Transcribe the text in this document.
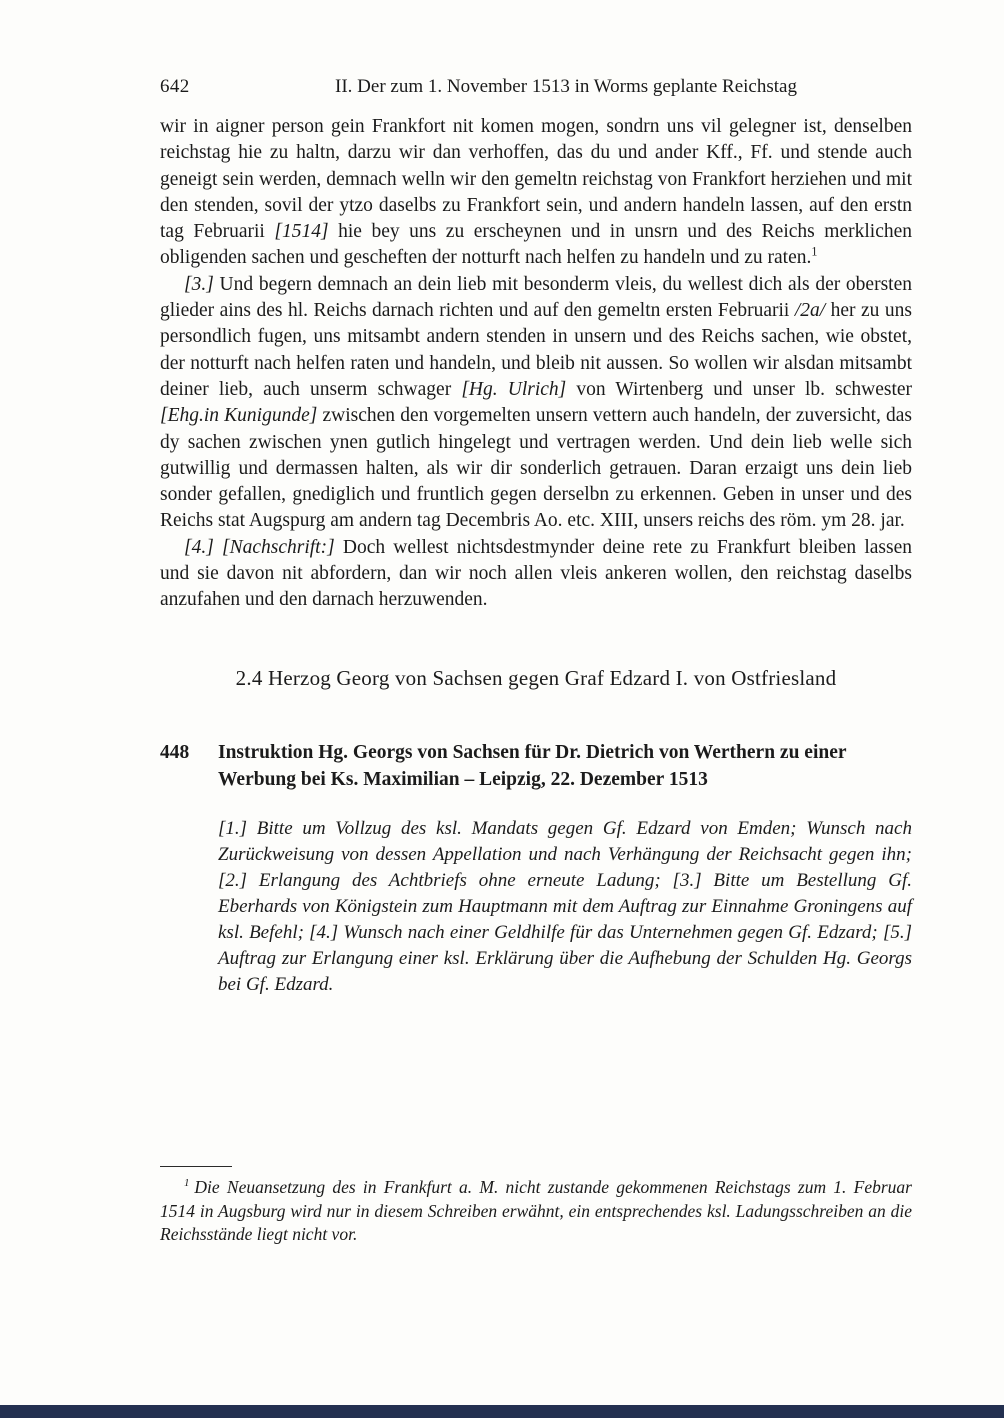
642	II. Der zum 1. November 1513 in Worms geplante Reichstag

wir in aigner person gein Frankfort nit komen mogen, sondrn uns vil gelegner ist, denselben reichstag hie zu haltn, darzu wir dan verhoffen, das du und ander Kff., Ff. und stende auch geneigt sein werden, demnach welln wir den gemeltn reichstag von Frankfort herziehen und mit den stenden, sovil der ytzo daselbs zu Frankfort sein, und andern handeln lassen, auf den erstn tag Februarii [1514] hie bey uns zu erscheynen und in unsrn und des Reichs merklichen obligenden sachen und gescheften der notturft nach helfen zu handeln und zu raten.$^1$

[3.] Und begern demnach an dein lieb mit besonderm vleis, du wellest dich als der obersten glieder ains des hl. Reichs darnach richten und auf den gemeltn ersten Februarii /2a/ her zu uns persondlich fugen, uns mitsambt andern stenden in unsern und des Reichs sachen, wie obstet, der notturft nach helfen raten und handeln, und bleib nit aussen. So wollen wir alsdan mitsambt deiner lieb, auch unserm schwager [Hg. Ulrich] von Wirtenberg und unser lb. schwester [Ehg.in Kunigunde] zwischen den vorgemelten unsern vettern auch handeln, der zuversicht, das dy sachen zwischen ynen gutlich hingelegt und vertragen werden. Und dein lieb welle sich gutwillig und dermassen halten, als wir dir sonderlich getrauen. Daran erzaigt uns dein lieb sonder gefallen, gnediglich und fruntlich gegen derselbn zu erkennen. Geben in unser und des Reichs stat Augspurg am andern tag Decembris Ao. etc. XIII, unsers reichs des röm. ym 28. jar.

[4.] [Nachschrift:] Doch wellest nichtsdestmynder deine rete zu Frankfurt bleiben lassen und sie davon nit abfordern, dan wir noch allen vleis ankeren wollen, den reichstag daselbs anzufahen und den darnach herzuwenden.

2.4 Herzog Georg von Sachsen gegen Graf Edzard I. von Ostfriesland
448	Instruktion Hg. Georgs von Sachsen für Dr. Dietrich von Werthern zu einer Werbung bei Ks. Maximilian – Leipzig, 22. Dezember 1513

[1.] Bitte um Vollzug des ksl. Mandats gegen Gf. Edzard von Emden; Wunsch nach Zurückweisung von dessen Appellation und nach Verhängung der Reichsacht gegen ihn; [2.] Erlangung des Achtbriefs ohne erneute Ladung; [3.] Bitte um Bestellung Gf. Eberhards von Königstein zum Hauptmann mit dem Auftrag zur Einnahme Groningens auf ksl. Befehl; [4.] Wunsch nach einer Geldhilfe für das Unternehmen gegen Gf. Edzard; [5.] Auftrag zur Erlangung einer ksl. Erklärung über die Aufhebung der Schulden Hg. Georgs bei Gf. Edzard.

$^1$ Die Neuansetzung des in Frankfurt a. M. nicht zustande gekommenen Reichstags zum 1. Februar 1514 in Augsburg wird nur in diesem Schreiben erwähnt, ein entsprechendes ksl. Ladungsschreiben an die Reichsstände liegt nicht vor.
